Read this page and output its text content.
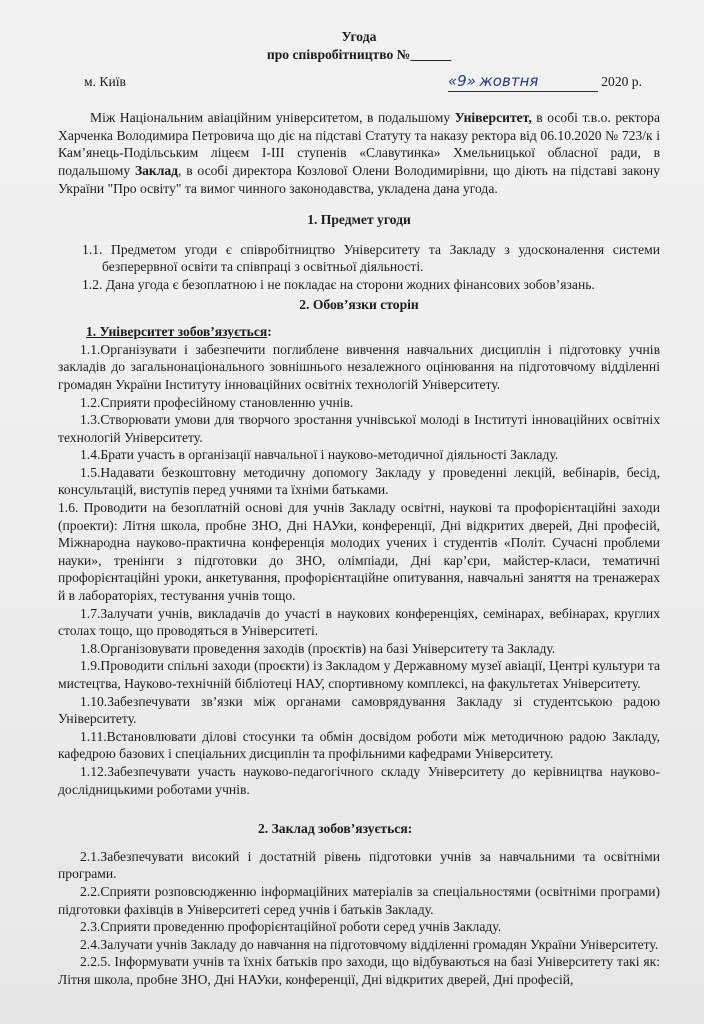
Угода

про співробітництво №______

м. Київ	«9» жовтня	2020 р.

Між Національним авіаційним університетом, в подальшому Університет, в особі т.в.о. ректора Харченка Володимира Петровича що діє на підставі Статуту та наказу ректора від 06.10.2020 № 723/к і Кам’янець-Подільським ліцеєм І-ІІІ ступенів «Славутинка» Хмельницької обласної ради, в подальшому Заклад, в особі директора Козлової Олени Володимирівни, що діють на підставі закону України "Про освіту" та вимог чинного законодавства, укладена дана угода.

1. Предмет угоди

1.1. Предметом угоди є співробітництво Університету та Закладу з удосконалення системи безперервної освіти та співпраці з освітньої діяльності.

1.2. Дана угода є безоплатною і не покладає на сторони жодних фінансових зобов’язань.

2. Обов’язки сторін

1. Університет зобов’язується:

1.1.Організувати і забезпечити поглиблене вивчення навчальних дисциплін і підготовку учнів закладів до загальнонаціонального зовнішнього незалежного оцінювання на підготовчому відділенні громадян України Інституту інноваційних освітніх технологій Університету.

1.2.Сприяти професійному становленню учнів.

1.3.Створювати умови для творчого зростання учнівської молоді в Інституті інноваційних освітніх технологій Університету.

1.4.Брати участь в організації навчальної і науково-методичної діяльності Закладу.

1.5.Надавати безкоштовну методичну допомогу Закладу у проведенні лекцій, вебінарів, бесід, консультацій, виступів перед учнями та їхніми батьками.

1.6. Проводити на безоплатній основі для учнів Закладу освітні, наукові та профорієнтаційні заходи (проекти): Літня школа, пробне ЗНО, Дні НАУки, конференції, Дні відкритих дверей, Дні професій, Міжнародна науково-практична конференція молодих учених і студентів «Політ. Сучасні проблеми науки», тренінги з підготовки до ЗНО, олімпіади, Дні кар’єри, майстер-класи, тематичні профорієнтаційні уроки, анкетування, профорієнтаційне опитування, навчальні заняття на тренажерах й в лабораторіях, тестування учнів тощо.

1.7.Залучати учнів, викладачів до участі в наукових конференціях, семінарах, вебінарах, круглих столах тощо, що проводяться в Університеті.

1.8.Організовувати проведення заходів (проєктів) на базі Університету та Закладу.

1.9.Проводити спільні заходи (проєкти) із Закладом у Державному музеї авіації, Центрі культури та мистецтва, Науково-технічній бібліотеці НАУ, спортивному комплексі, на факультетах Університету.

1.10.Забезпечувати зв’язки між органами самоврядування Закладу зі студентською радою Університету.

1.11.Встановлювати ділові стосунки та обмін досвідом роботи між методичною радою Закладу, кафедрою базових і спеціальних дисциплін та профільними кафедрами Університету.

1.12.Забезпечувати участь науково-педагогічного складу Університету до керівництва науково-дослідницькими роботами учнів.

2. Заклад зобов’язується:

2.1.Забезпечувати високий і достатній рівень підготовки учнів за навчальними та освітніми програми.

2.2.Сприяти розповсюдженню інформаційних матеріалів за спеціальностями (освітніми програми) підготовки фахівців в Університеті серед учнів і батьків Закладу.

2.3.Сприяти проведенню профорієнтаційної роботи серед учнів Закладу.

2.4.Залучати учнів Закладу до навчання на підготовчому відділенні громадян України Університету.

2.2.5. Інформувати учнів та їхніх батьків про заходи, що відбуваються на базі Університету такі як: Літня школа, пробне ЗНО, Дні НАУки, конференції, Дні відкритих дверей, Дні професій,
